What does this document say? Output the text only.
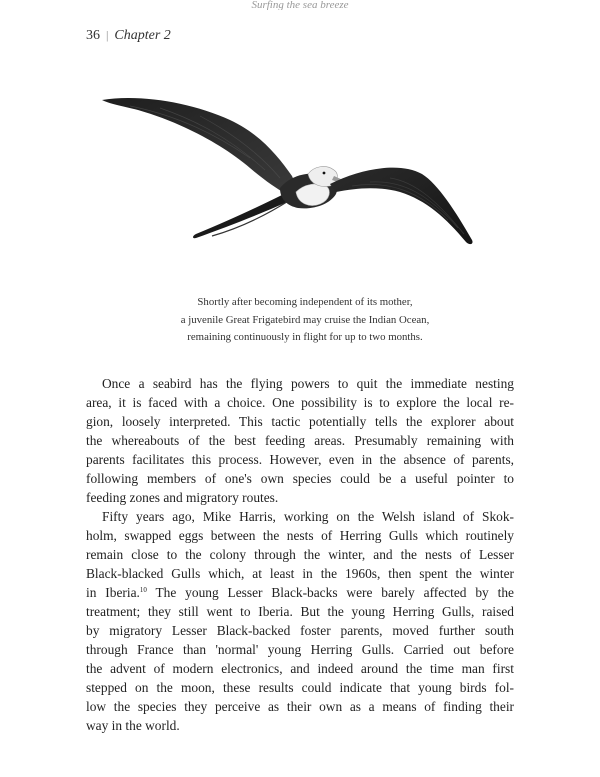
Surfing the sea breeze
36 | Chapter 2
Shortly after becoming independent of its mother,
a juvenile Great Frigatebird may cruise the Indian Ocean,
remaining continuously in flight for up to two months.
Once a seabird has the flying powers to quit the immediate nesting
area, it is faced with a choice. One possibility is to explore the local re-
gion, loosely interpreted. This tactic potentially tells the explorer about
the whereabouts of the best feeding areas. Presumably remaining with
parents facilitates this process. However, even in the absence of parents,
following members of one's own species could be a useful pointer to
feeding zones and migratory routes.
Fifty years ago, Mike Harris, working on the Welsh island of Skok-
holm, swapped eggs between the nests of Herring Gulls which routinely
remain close to the colony through the winter, and the nests of Lesser
Black-blacked Gulls which, at least in the 1960s, then spent the winter
in Iberia.$^{10}$ The young Lesser Black-backs were barely affected by the
treatment; they still went to Iberia. But the young Herring Gulls, raised
by migratory Lesser Black-backed foster parents, moved further south
through France than 'normal' young Herring Gulls. Carried out before
the advent of modern electronics, and indeed around the time man first
stepped on the moon, these results could indicate that young birds fol-
low the species they perceive as their own as a means of finding their
way in the world.
